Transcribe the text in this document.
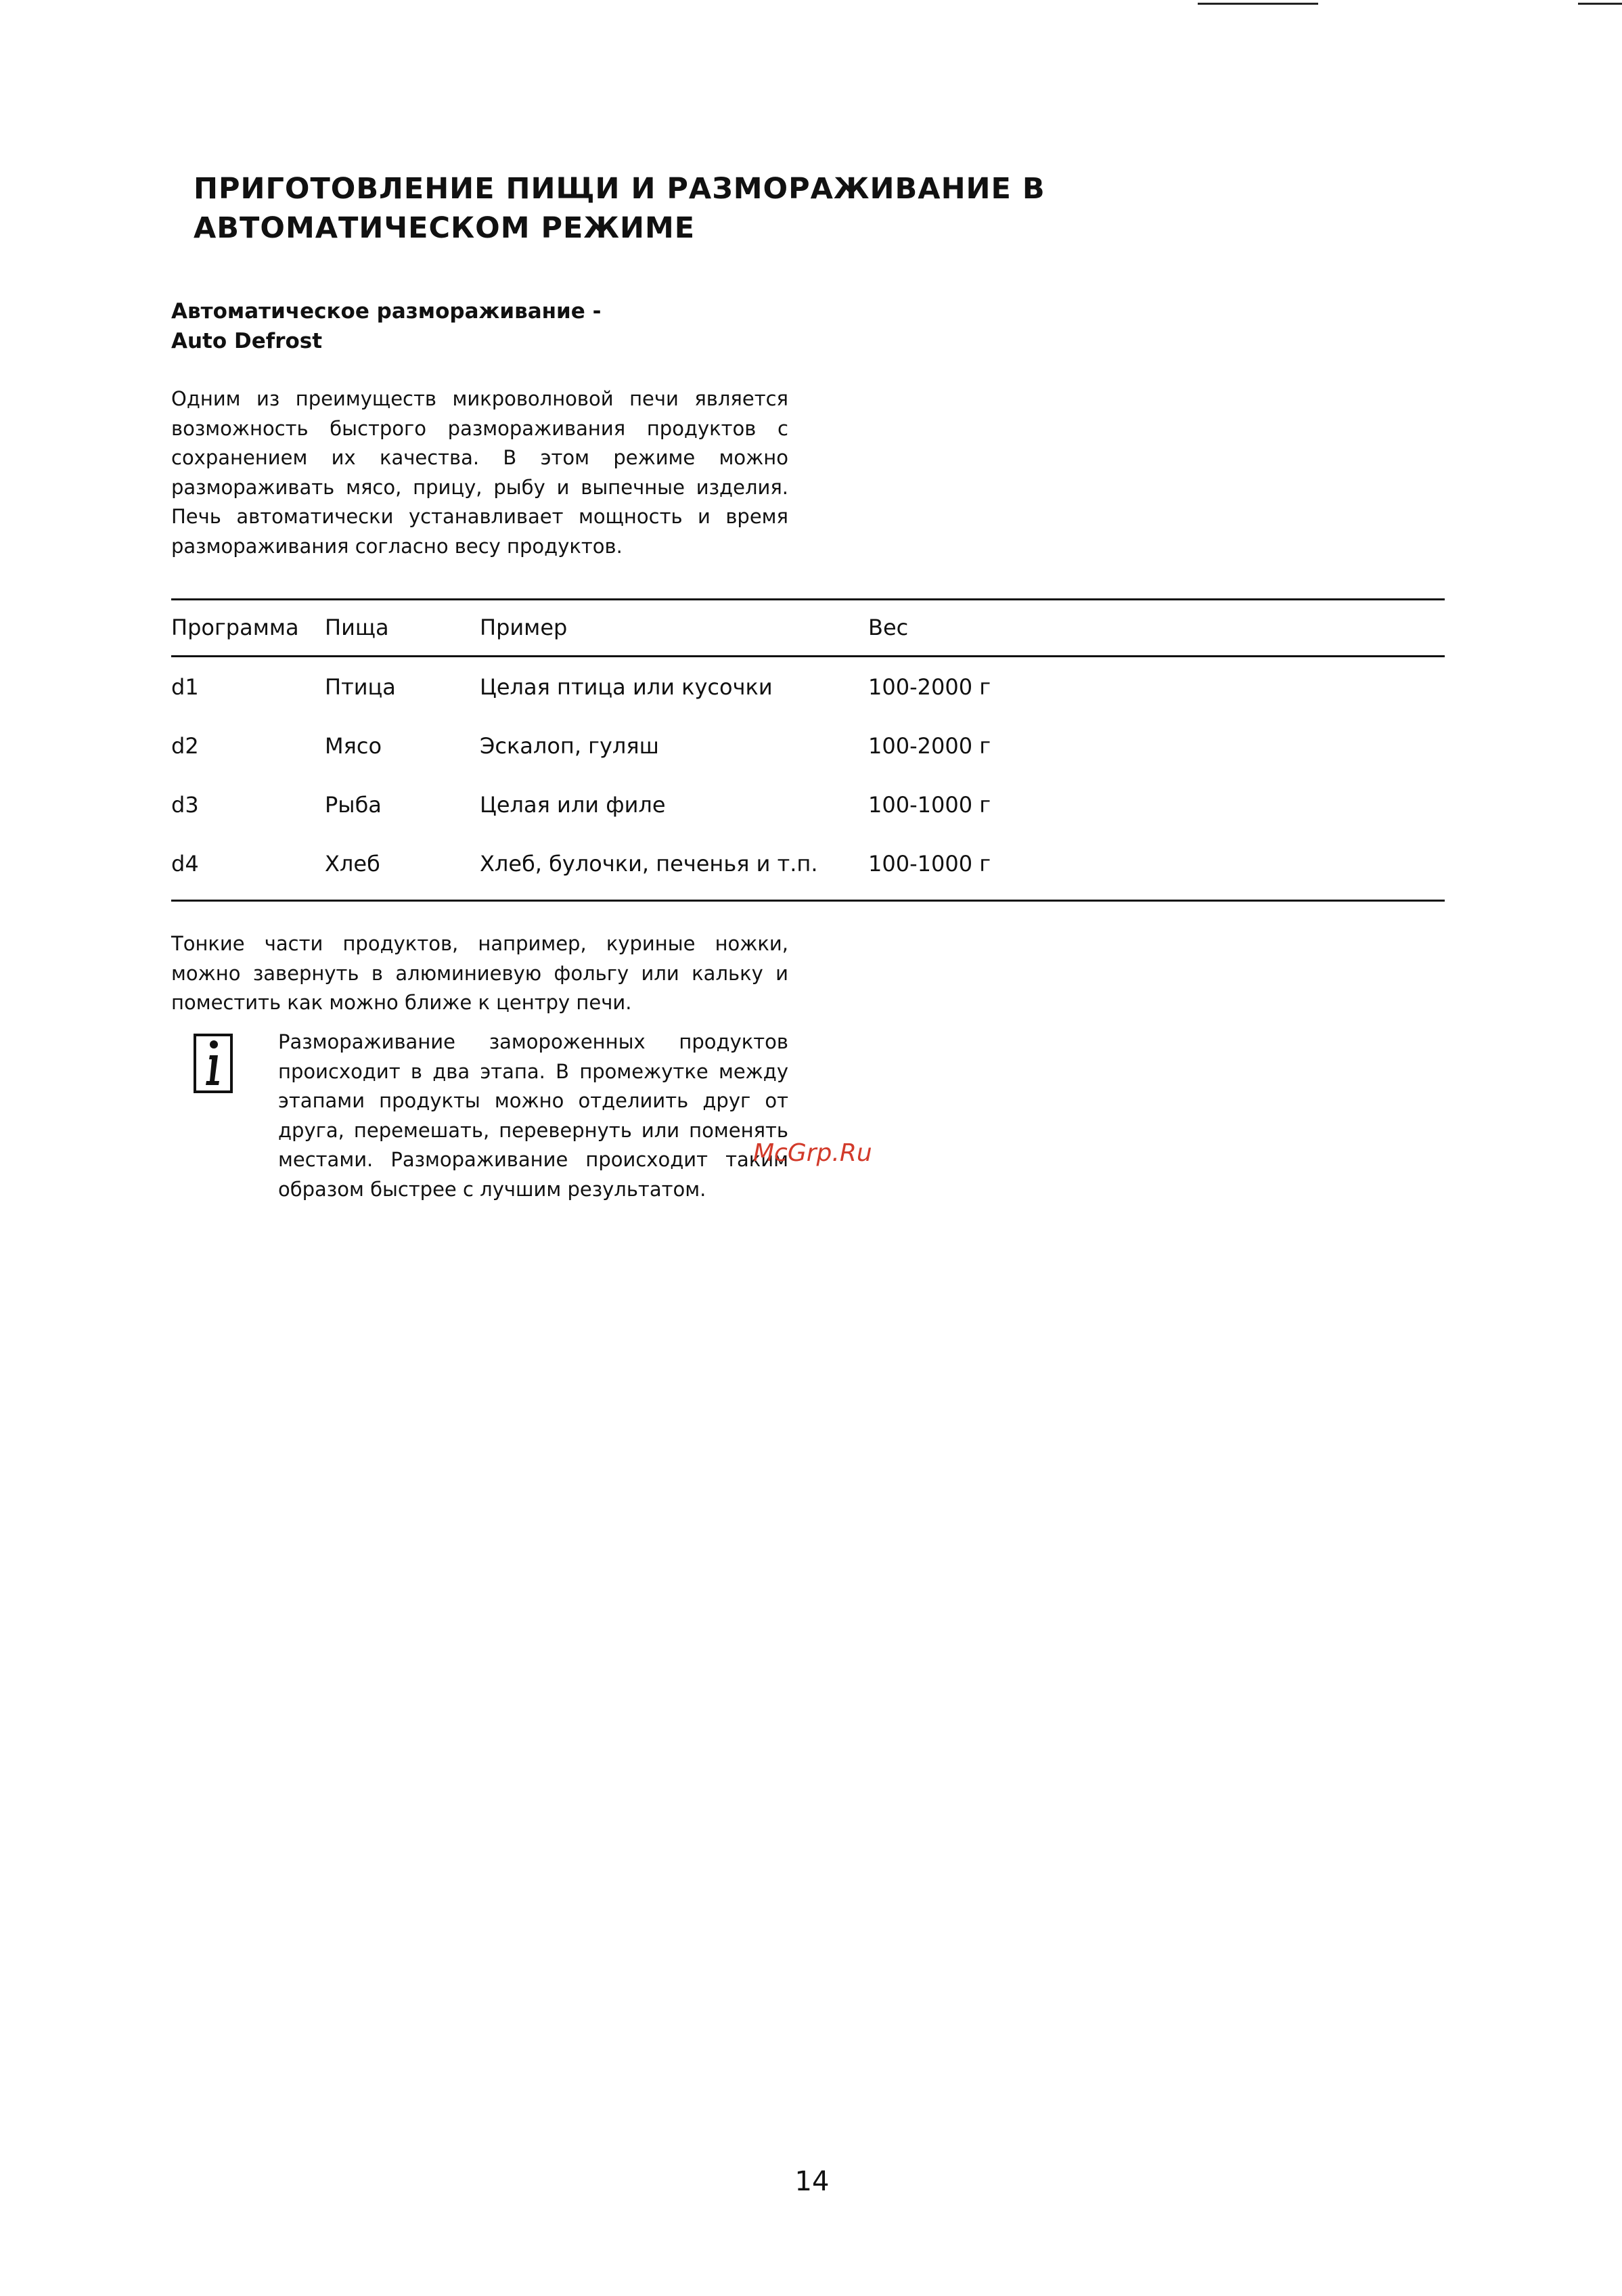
ПРИГОТОВЛЕНИЕ ПИЩИ И РАЗМОРАЖИВАНИЕ В
АВТОМАТИЧЕСКОМ РЕЖИМЕ
Автоматическое размораживание -
Auto Defrost

Одним из преимуществ микроволновой печи является возможность быстрого размораживания продуктов с сохранением их качества. В этом режиме можно размораживать мясо, прицу, рыбу и выпечные изделия. Печь автоматически устанавливает мощность и время размораживания согласно весу продуктов.

Программа Пища	Пример	Вес
d1	Птица	Целая птица или кусочки	100-2000 г
d2	Мясо	Эскалоп, гуляш	100-2000 г
d3	Рыба	Целая или филе	100-1000 г
d4	Хлеб	Хлеб, булочки, печенья и т.п. 100-1000 г

Тонкие части продуктов, например, куриные ножки, можно завернуть в алюминиевую фольгу или кальку и поместить как можно ближе к центру печи.

Размораживание замороженных продуктов происходит в два этапа. В промежутке между этапами продукты можно отделиить друг от друга, перемешать, перевернуть или поменять местами. Размораживание происходит таким образом быстрее с лучшим результатом.

McGrp.Ru
14
